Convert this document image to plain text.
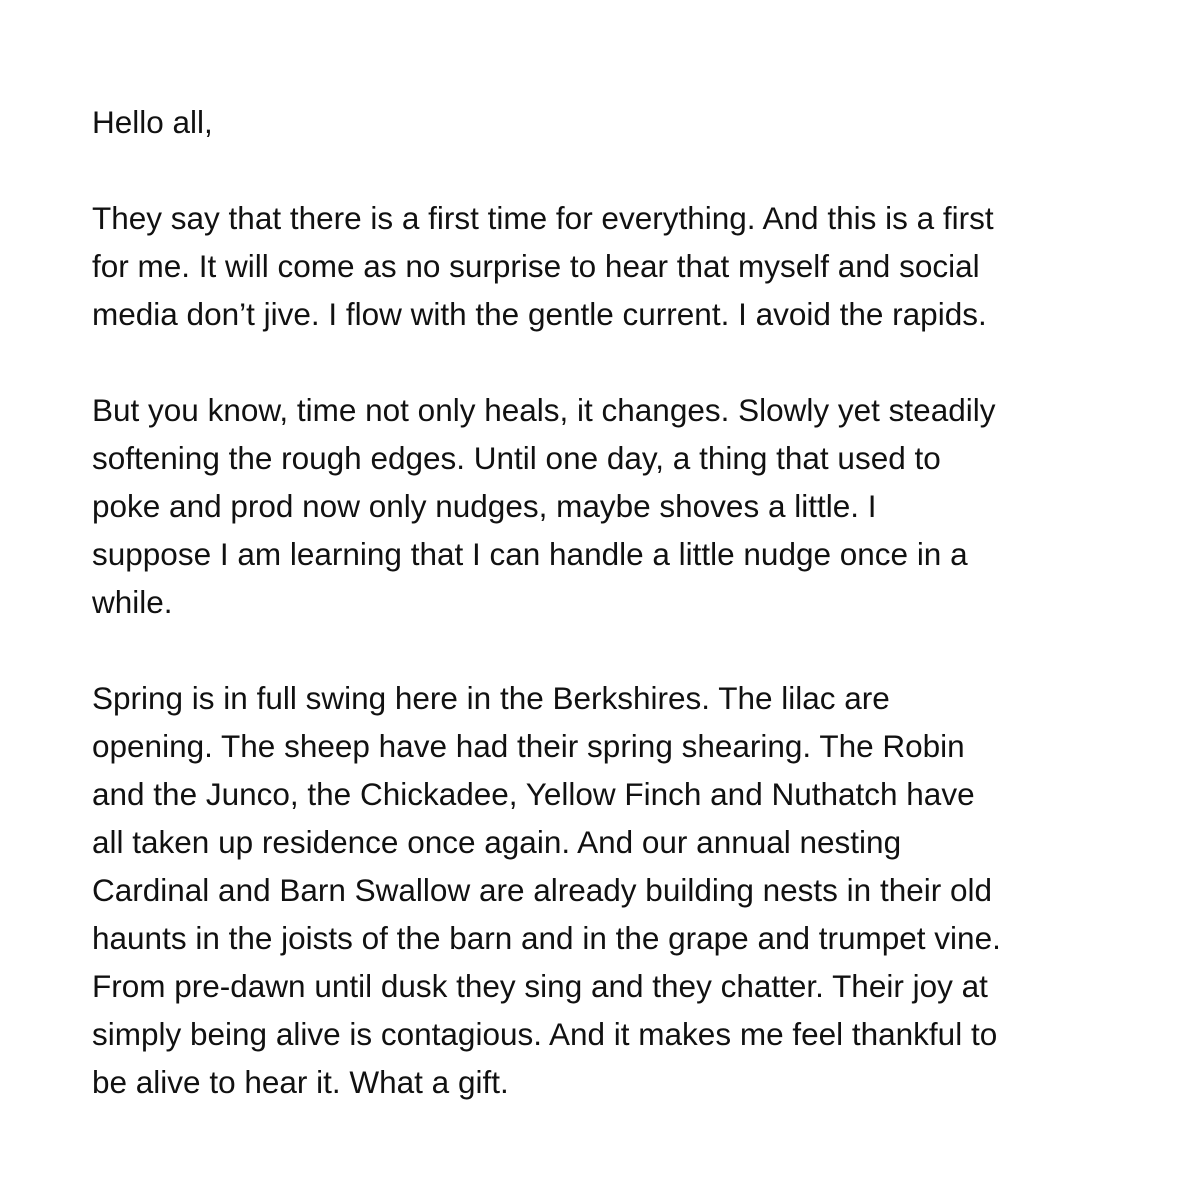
Hello all,
They say that there is a first time for everything. And this is a first
for me. It will come as no surprise to hear that myself and social
media don’t jive. I flow with the gentle current. I avoid the rapids.
But you know, time not only heals, it changes. Slowly yet steadily
softening the rough edges. Until one day, a thing that used to
poke and prod now only nudges, maybe shoves a little. I
suppose I am learning that I can handle a little nudge once in a
while.
Spring is in full swing here in the Berkshires. The lilac are
opening. The sheep have had their spring shearing. The Robin
and the Junco, the Chickadee, Yellow Finch and Nuthatch have
all taken up residence once again. And our annual nesting
Cardinal and Barn Swallow are already building nests in their old
haunts in the joists of the barn and in the grape and trumpet vine.
From pre-dawn until dusk they sing and they chatter. Their joy at
simply being alive is contagious. And it makes me feel thankful to
be alive to hear it. What a gift.
